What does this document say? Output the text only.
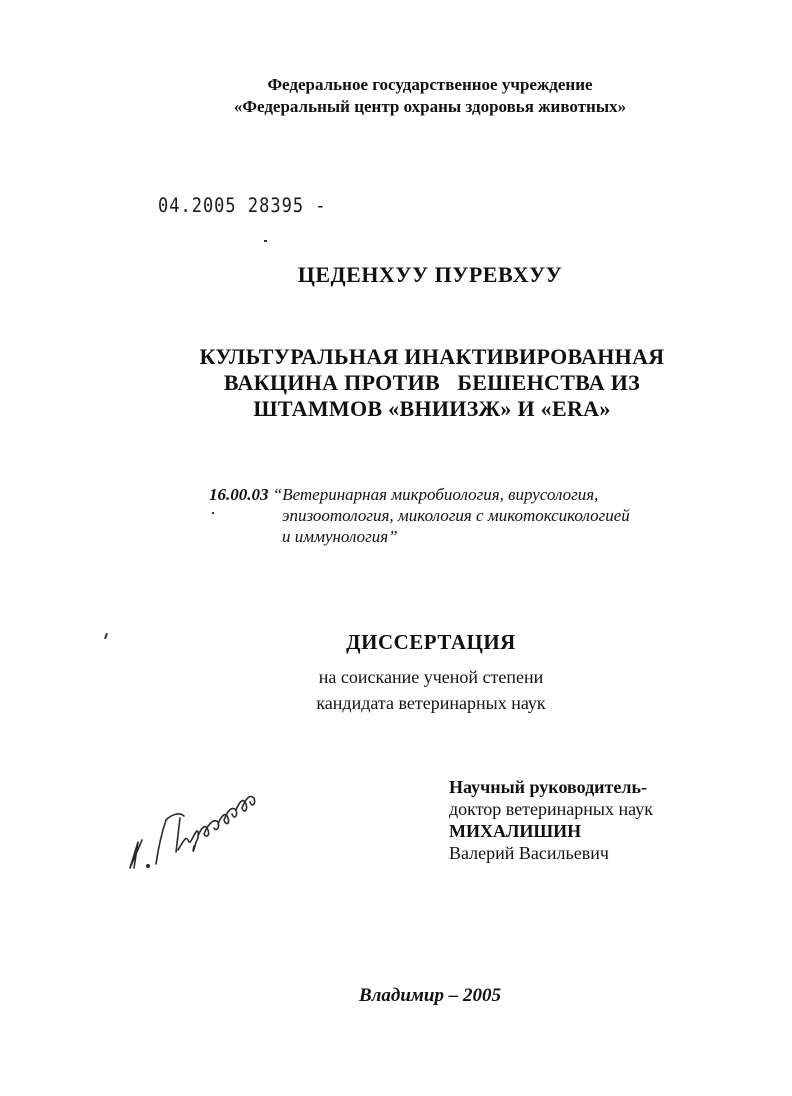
Федеральное государственное учреждение
«Федеральный центр охраны здоровья животных»
04.2005 28395 -
ЦЕДЕНХУУ ПУРЕВХУУ
КУЛЬТУРАЛЬНАЯ ИНАКТИВИРОВАННАЯ
ВАКЦИНА ПРОТИВ   БЕШЕНСТВА ИЗ
ШТАММОВ «ВНИИЗЖ» И «ERA»
16.00.03 “Ветеринарная микробиология, вирусология,
эпизоотология, микология с микотоксикологией
и иммунология”
ДИССЕРТАЦИЯ
на соискание ученой степени
кандидата ветеринарных наук
Научный руководитель-
доктор ветеринарных наук
МИХАЛИШИН
Валерий Васильевич
Владимир – 2005
